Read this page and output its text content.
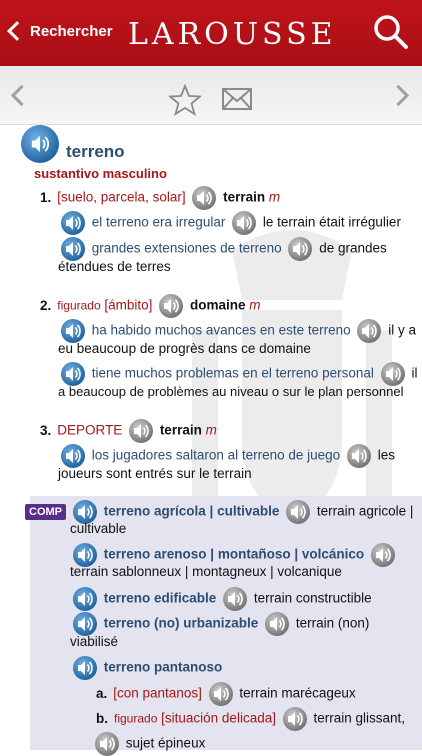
Rechercher LAROUSSE
terreno
sustantivo masculino
1. [suelo, parcela, solar]	terrain m
el terreno era irregular	le terrain était irrégulier
grandes extensiones de terreno	de grandes
étendues de terres
2. figurado [ámbito]	domaine m
ha habido muchos avances en este terreno	il y a
eu beaucoup de progrès dans ce domaine
tiene muchos problemas en el terreno personal	il
a beaucoup de problèmes au niveau o sur le plan personnel
3. DEPORTE	terrain m
los jugadores saltaron al terreno de juego	les
joueurs sont entrés sur le terrain
COMP	terreno agrícola | cultivable	terrain agricole |
cultivable
terreno arenoso | montañoso | volcánico
terrain sablonneux | montagneux | volcanique
terreno edificable	terrain constructible
terreno (no) urbanizable	terrain (non)
viabilisé
terreno pantanoso
a. [con pantanos]	terrain marécageux
b. figurado [situación delicada]	terrain glissant,
sujet épineux
